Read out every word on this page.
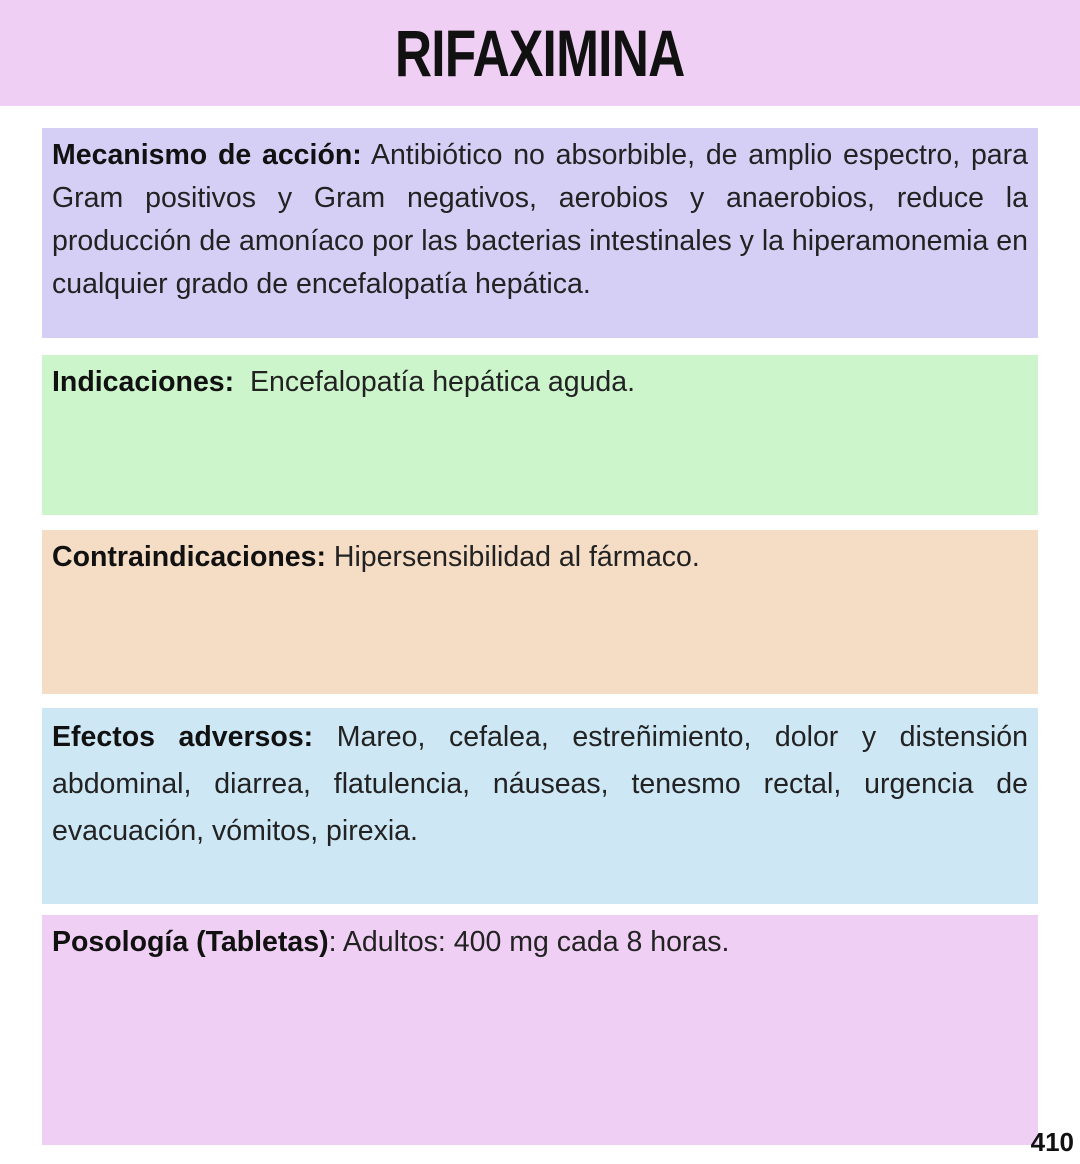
RIFAXIMINA
Mecanismo de acción: Antibiótico no absorbible, de amplio espectro, para Gram positivos y Gram negativos, aerobios y anaerobios, reduce la producción de amoníaco por las bacterias intestinales y la hiperamonemia en cualquier grado de encefalopatía hepática.
Indicaciones:  Encefalopatía hepática aguda.
Contraindicaciones: Hipersensibilidad al fármaco.
Efectos adversos: Mareo, cefalea, estreñimiento, dolor y distensión abdominal, diarrea, flatulencia, náuseas, tenesmo rectal, urgencia de evacuación, vómitos, pirexia.
Posología (Tabletas): Adultos: 400 mg cada 8 horas.
410
